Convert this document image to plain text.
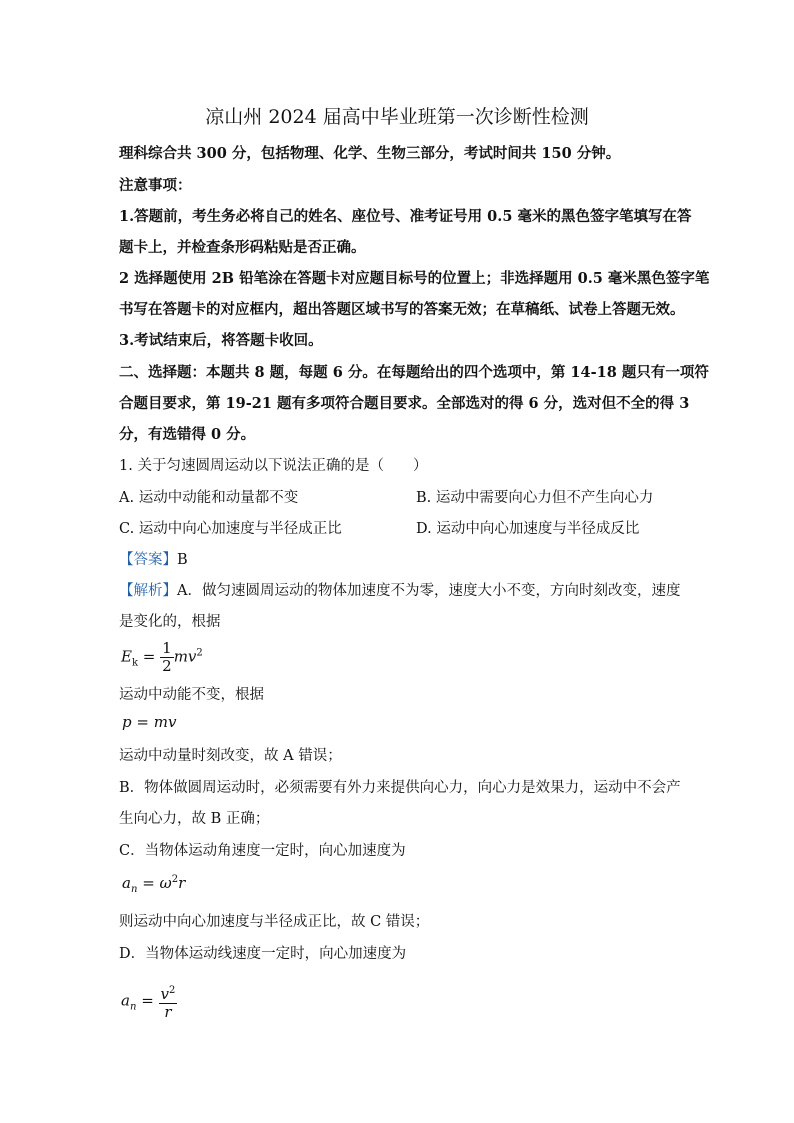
凉山州 2024 届高中毕业班第一次诊断性检测
理科综合共 300 分，包括物理、化学、生物三部分，考试时间共 150 分钟。
注意事项：
1.答题前，考生务必将自己的姓名、座位号、准考证号用 0.5 毫米的黑色签字笔填写在答
题卡上，并检查条形码粘贴是否正确。
2 选择题使用 2B 铅笔涂在答题卡对应题目标号的位置上；非选择题用 0.5 毫米黑色签字笔
书写在答题卡的对应框内，超出答题区域书写的答案无效；在草稿纸、试卷上答题无效。
3.考试结束后，将答题卡收回。
二、选择题：本题共 8 题，每题 6 分。在每题给出的四个选项中，第 14-18 题只有一项符
合题目要求，第 19-21 题有多项符合题目要求。全部选对的得 6 分，选对但不全的得 3
分，有选错得 0 分。
1. 关于匀速圆周运动以下说法正确的是（　　）
A. 运动中动能和动量都不变	B. 运动中需要向心力但不产生向心力
C. 运动中向心加速度与半径成正比	D. 运动中向心加速度与半径成反比
【答案】B
【解析】A．做匀速圆周运动的物体加速度不为零，速度大小不变，方向时刻改变，速度
是变化的，根据
$E_k = \frac{1}{2} mv^2$
运动中动能不变，根据
p = mv
运动中动量时刻改变，故 A 错误；
B．物体做圆周运动时，必须需要有外力来提供向心力，向心力是效果力，运动中不会产
生向心力，故 B 正确；
C．当物体运动角速度一定时，向心加速度为
$a_n = \omega^2r$
则运动中向心加速度与半径成正比，故 C 错误；
D．当物体运动线速度一定时，向心加速度为
$a_n = \frac{v^2}{r}$
